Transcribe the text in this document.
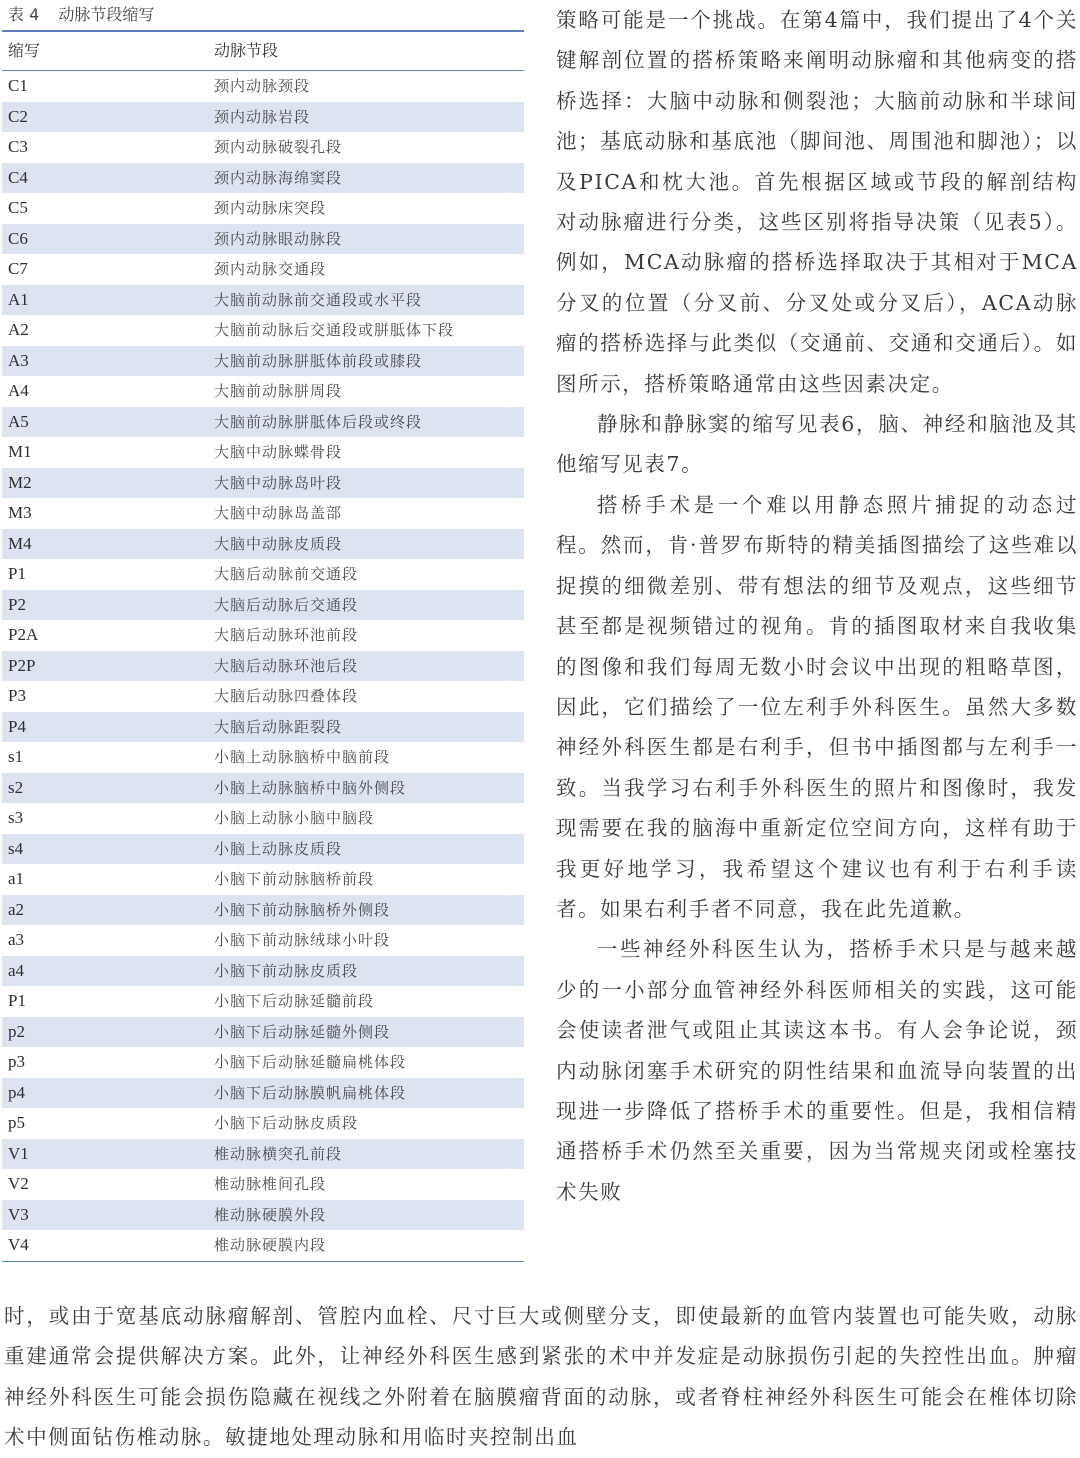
表 4 动脉节段缩写
缩写	动脉节段
C1	颈内动脉颈段
C2	颈内动脉岩段
C3	颈内动脉破裂孔段
C4	颈内动脉海绵窦段
C5	颈内动脉床突段
C6	颈内动脉眼动脉段
C7	颈内动脉交通段
A1	大脑前动脉前交通段或水平段
A2	大脑前动脉后交通段或胼胝体下段
A3	大脑前动脉胼胝体前段或膝段
A4	大脑前动脉胼周段
A5	大脑前动脉胼胝体后段或终段
M1	大脑中动脉蝶骨段
M2	大脑中动脉岛叶段
M3	大脑中动脉岛盖部
M4	大脑中动脉皮质段
P1	大脑后动脉前交通段
P2	大脑后动脉后交通段
P2A	大脑后动脉环池前段
P2P	大脑后动脉环池后段
P3	大脑后动脉四叠体段
P4	大脑后动脉距裂段
s1	小脑上动脉脑桥中脑前段
s2	小脑上动脉脑桥中脑外侧段
s3	小脑上动脉小脑中脑段
s4	小脑上动脉皮质段
a1	小脑下前动脉脑桥前段
a2	小脑下前动脉脑桥外侧段
a3	小脑下前动脉绒球小叶段
a4	小脑下前动脉皮质段
P1	小脑下后动脉延髓前段
p2	小脑下后动脉延髓外侧段
p3	小脑下后动脉延髓扁桃体段
p4	小脑下后动脉膜帆扁桃体段
p5	小脑下后动脉皮质段
V1	椎动脉横突孔前段
V2	椎动脉椎间孔段
V3	椎动脉硬膜外段
V4	椎动脉硬膜内段

策略可能是一个挑战。在第4篇中，我们提出了4个关键解剖位置的搭桥策略来阐明动脉瘤和其他病变的搭桥选择：大脑中动脉和侧裂池；大脑前动脉和半球间池；基底动脉和基底池（脚间池、周围池和脚池）；以及PICA和枕大池。首先根据区域或节段的解剖结构对动脉瘤进行分类，这些区别将指导决策（见表5）。例如，MCA动脉瘤的搭桥选择取决于其相对于MCA分叉的位置（分叉前、分叉处或分叉后），ACA动脉瘤的搭桥选择与此类似（交通前、交通和交通后）。如图所示，搭桥策略通常由这些因素决定。

静脉和静脉窦的缩写见表6，脑、神经和脑池及其他缩写见表7。

搭桥手术是一个难以用静态照片捕捉的动态过程。然而，肯·普罗布斯特的精美插图描绘了这些难以捉摸的细微差别、带有想法的细节及观点，这些细节甚至都是视频错过的视角。肯的插图取材来自我收集的图像和我们每周无数小时会议中出现的粗略草图，因此，它们描绘了一位左利手外科医生。虽然大多数神经外科医生都是右利手，但书中插图都与左利手一致。当我学习右利手外科医生的照片和图像时，我发现需要在我的脑海中重新定位空间方向，这样有助于我更好地学习，我希望这个建议也有利于右利手读者。如果右利手者不同意，我在此先道歉。

一些神经外科医生认为，搭桥手术只是与越来越少的一小部分血管神经外科医师相关的实践，这可能会使读者泄气或阻止其读这本书。有人会争论说，颈内动脉闭塞手术研究的阴性结果和血流导向装置的出现进一步降低了搭桥手术的重要性。但是，我相信精通搭桥手术仍然至关重要，因为当常规夹闭或栓塞技术失败

时，或由于宽基底动脉瘤解剖、管腔内血栓、尺寸巨大或侧壁分支，即使最新的血管内装置也可能失败，动脉重建通常会提供解决方案。此外，让神经外科医生感到紧张的术中并发症是动脉损伤引起的失控性出血。肿瘤神经外科医生可能会损伤隐藏在视线之外附着在脑膜瘤背面的动脉，或者脊柱神经外科医生可能会在椎体切除术中侧面钻伤椎动脉。敏捷地处理动脉和用临时夹控制出血
